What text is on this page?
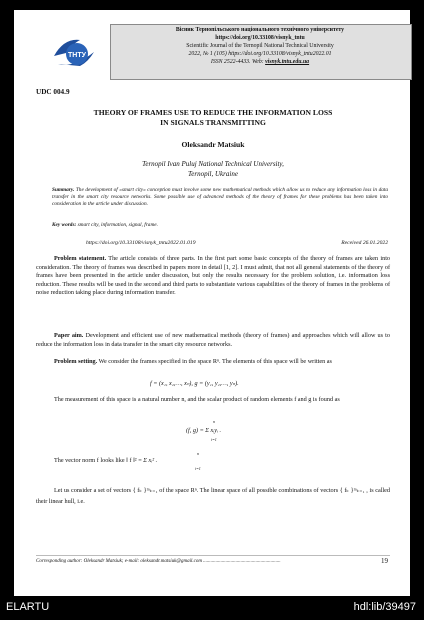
ТНТУ
Вісник Тернопільського національного технічного університету
https://doi.org/10.33108/visnyk_tntu
Scientific Journal of the Ternopil National Technical University
2022, № 1 (105) https://doi.org/10.33108/visnyk_tntu2022.01
ISSN 2522-4433. Web: visnyk.tntu.edu.ua
UDC 004.9
THEORY OF FRAMES USE TO REDUCE THE INFORMATION LOSS
IN SIGNALS TRANSMITTING
Oleksandr Matsiuk
Ternopil Ivan Puluj National Technical University,
Ternopil, Ukraine
Summary. The development of «smart city» conception must involve some new mathematical methods which allow us to reduce any information loss in data transfer in the smart city resource networks. Some possible use of advanced methods of the theory of frames for these problems has been taken into consideration in the article under discussion.
Key words: smart city, information, signal, frame.
https://doi.org/10.33108/visnyk_tntu2022.01.019	Received 26.01.2022
Problem statement. The article consists of three parts. In the first part some basic concepts of the theory of frames are taken into consideration. The theory of frames was described in papers more in detail [1, 2]. I must admit, that not all general statements of the theory of frames have been presented in the article under discussion, but only the results necessary for the problem solution, i.e. information loss reduction. These results will be used in the second and third parts to substantiate various capabilities of the theory of frames in the problems of noise reduction taking place during information transfer.
Paper aim. Development and efficient use of new mathematical methods (theory of frames) and approaches which will allow us to reduce the information loss in data transfer in the smart city resource networks.
Problem setting. We consider the frames specified in the space Rⁿ. The elements of this space will be written as
f = (x₁, x₂,…, xₙ), g = (y₁, y₂,…, yₙ).
The measurement of this space is a natural number n, and the scalar product of random elements f and g is found as
(f, g) = Σ xᵢyᵢ .
n
i=1
The vector norm f looks like ‖ f ‖² = Σ xᵢ² .
n
i=1
Let us consider a set of vectors { fₖ }ᵐₖ₌₁ of the space Rⁿ. The linear space of all possible combinations of vectors { fₖ }ᵐₖ₌₁ , is called their linear hull, i.e.
Corresponding author: Oleksandr Matsiuk; e-mail: oleksandr.matsiuk@gmail.com ..............................................................	19
ELARTU	hdl:lib/39497
